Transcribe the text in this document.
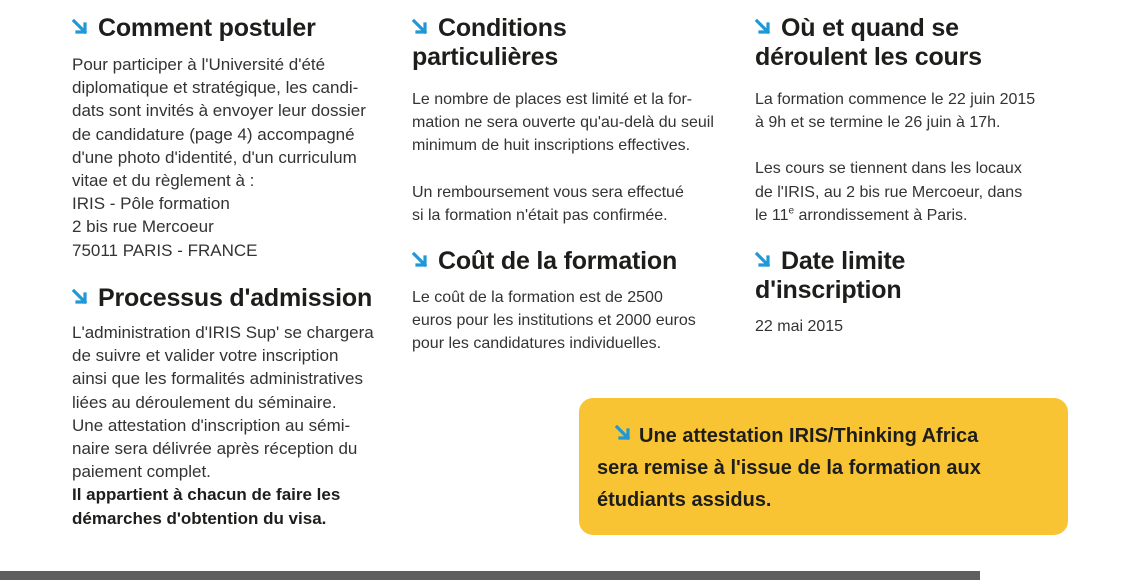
Comment postuler

Pour participer à l'Université d'été

diplomatique et stratégique, les candi-

dats sont invités à envoyer leur dossier

de candidature (page 4) accompagné

d'une photo d'identité, d'un curriculum

vitae et du règlement à :

IRIS - Pôle formation

2 bis rue Mercoeur

75011 PARIS - FRANCE

Processus d'admission

L'administration d'IRIS Sup' se chargera

de suivre et valider votre inscription

ainsi que les formalités administratives

liées au déroulement du séminaire.

Une attestation d'inscription au sémi-

naire sera délivrée après réception du

paiement complet.

Il appartient à chacun de faire les

démarches d'obtention du visa.

Conditions
particulières

Le nombre de places est limité et la for-

mation ne sera ouverte qu'au-delà du seuil

minimum de huit inscriptions effectives.

Un remboursement vous sera effectué

si la formation n'était pas confirmée.

Coût de la formation

Le coût de la formation est de 2500

euros pour les institutions et 2000 euros

pour les candidatures individuelles.

Où et quand se
déroulent les cours

La formation commence le 22 juin 2015

à 9h et se termine le 26 juin à 17h.

Les cours se tiennent dans les locaux

de l'IRIS, au 2 bis rue Mercoeur, dans

le 11e arrondissement à Paris.

Date limite
d'inscription

22 mai 2015

Une attestation IRIS/Thinking Africa
sera remise à l'issue de la formation aux
étudiants assidus.
